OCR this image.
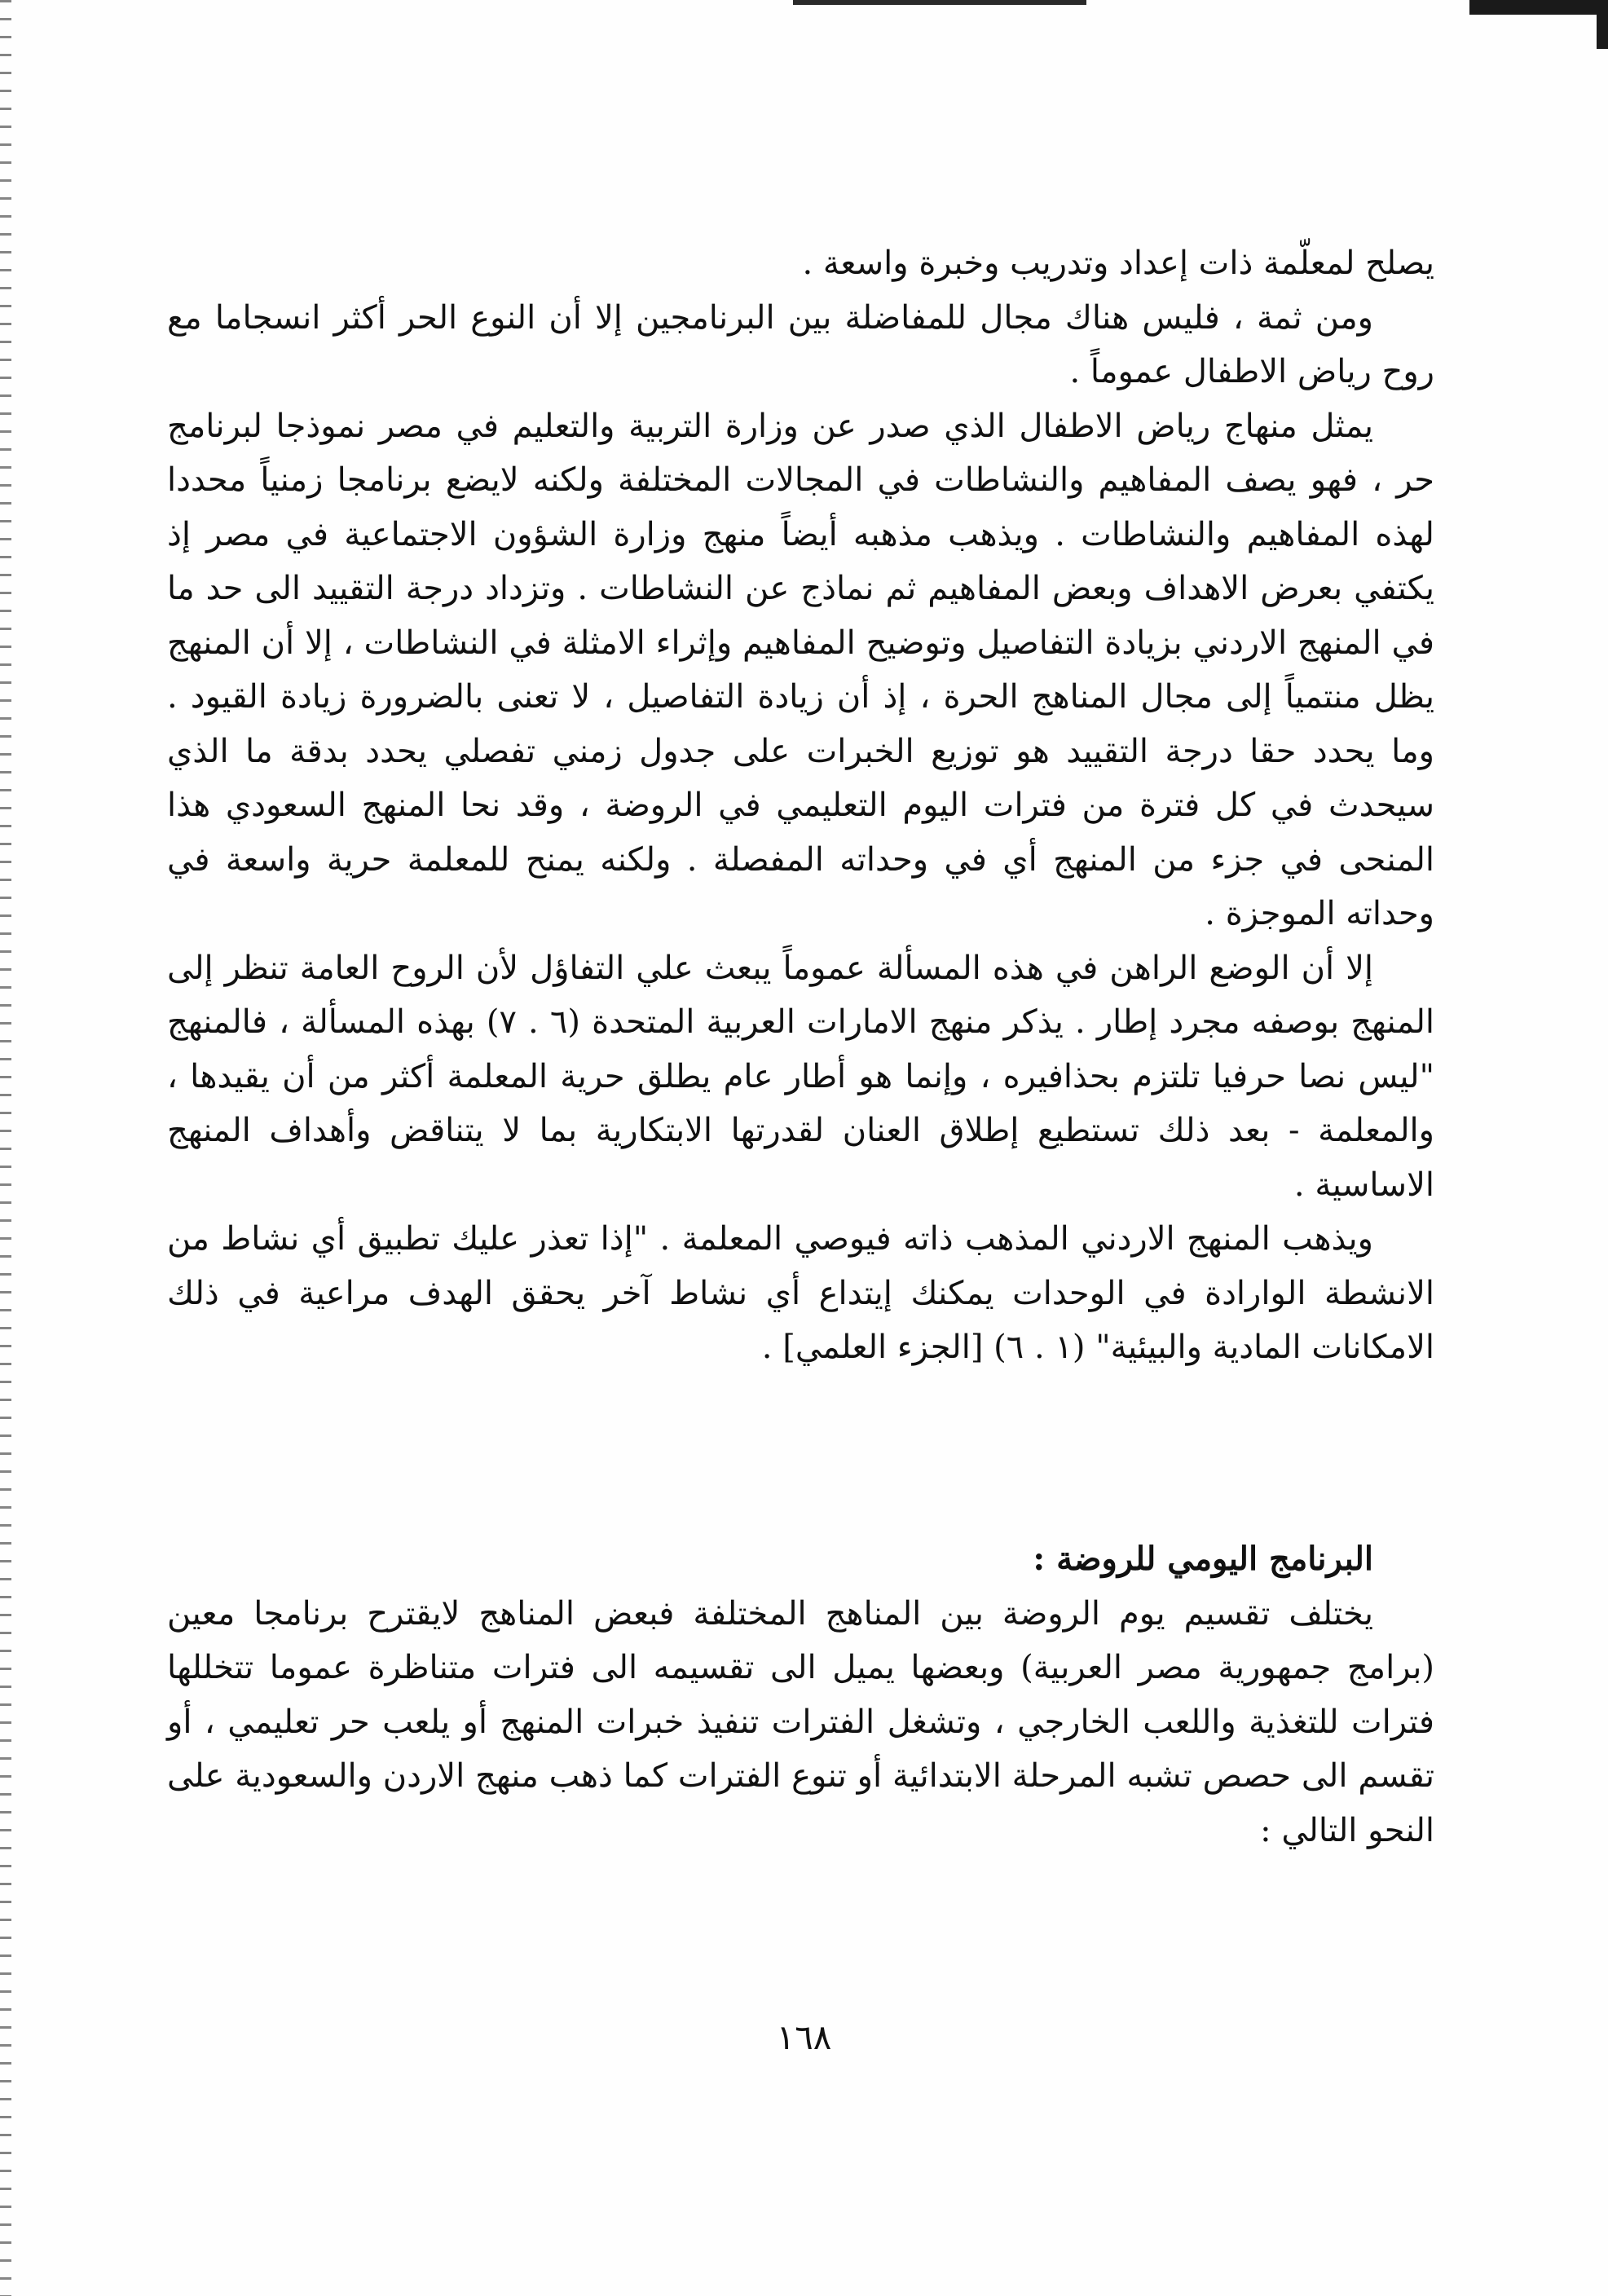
يصلح لمعلّمة ذات إعداد وتدريب وخبرة واسعة .

ومن ثمة ، فليس هناك مجال للمفاضلة بين البرنامجين إلا أن النوع الحر أكثر انسجاما مع روح رياض الاطفال عموماً .

يمثل منهاج رياض الاطفال الذي صدر عن وزارة التربية والتعليم في مصر نموذجا لبرنامج حر ، فهو يصف المفاهيم والنشاطات في المجالات المختلفة ولكنه لايضع برنامجا زمنياً محددا لهذه المفاهيم والنشاطات . ويذهب مذهبه أيضاً منهج وزارة الشؤون الاجتماعية في مصر إذ يكتفي بعرض الاهداف وبعض المفاهيم ثم نماذج عن النشاطات . وتزداد درجة التقييد الى حد ما في المنهج الاردني بزيادة التفاصيل وتوضيح المفاهيم وإثراء الامثلة في النشاطات ، إلا أن المنهج يظل منتمياً إلى مجال المناهج الحرة ، إذ أن زيادة التفاصيل ، لا تعنى بالضرورة زيادة القيود . وما يحدد حقا درجة التقييد هو توزيع الخبرات على جدول زمني تفصلي يحدد بدقة ما الذي سيحدث في كل فترة من فترات اليوم التعليمي في الروضة ، وقد نحا المنهج السعودي هذا المنحى في جزء من المنهج أي في وحداته المفصلة . ولكنه يمنح للمعلمة حرية واسعة في وحداته الموجزة .

إلا أن الوضع الراهن في هذه المسألة عموماً يبعث علي التفاؤل لأن الروح العامة تنظر إلى المنهج بوصفه مجرد إطار . يذكر منهج الامارات العربية المتحدة (٦ . ٧) بهذه المسألة ، فالمنهج "ليس نصا حرفيا تلتزم بحذافيره ، وإنما هو أطار عام يطلق حرية المعلمة أكثر من أن يقيدها ، والمعلمة - بعد ذلك تستطيع إطلاق العنان لقدرتها الابتكارية بما لا يتناقض وأهداف المنهج الاساسية .

ويذهب المنهج الاردني المذهب ذاته فيوصي المعلمة . "إذا تعذر عليك تطبيق أي نشاط من الانشطة الوارادة في الوحدات يمكنك إيتداع أي نشاط آخر يحقق الهدف مراعية في ذلك الامكانات المادية والبيئية" (١ . ٦) [الجزء العلمي] .

البرنامج اليومي للروضة :

يختلف تقسيم يوم الروضة بين المناهج المختلفة فبعض المناهج لايقترح برنامجا معين (برامج جمهورية مصر العربية) وبعضها يميل الى تقسيمه الى فترات متناظرة عموما تتخللها فترات للتغذية واللعب الخارجي ، وتشغل الفترات تنفيذ خبرات المنهج أو يلعب حر تعليمي ، أو تقسم الى حصص تشبه المرحلة الابتدائية أو تنوع الفترات كما ذهب منهج الاردن والسعودية على النحو التالي :

١٦٨
